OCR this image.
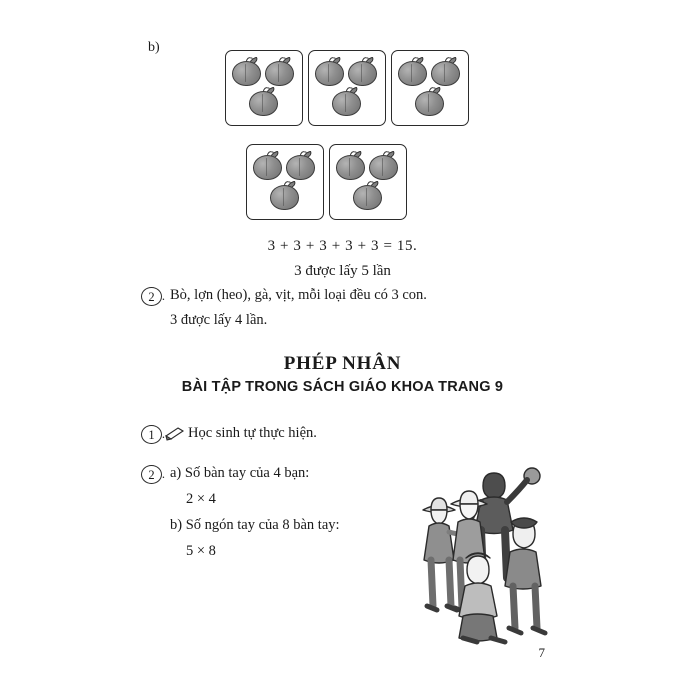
b)
3 + 3 + 3 + 3 + 3 = 15.
3 được lấy 5 lần
2 .	Bò, lợn (heo), gà, vịt, mỗi loại đều có 3 con.
3 được lấy 4 lần.
PHÉP NHÂN
BÀI TẬP TRONG SÁCH GIÁO KHOA TRANG 9
1 .	Học sinh tự thực hiện.
2 .	a) Số bàn tay của 4 bạn:
2 × 4
b) Số ngón tay của 8 bàn tay:
5 × 8
7
